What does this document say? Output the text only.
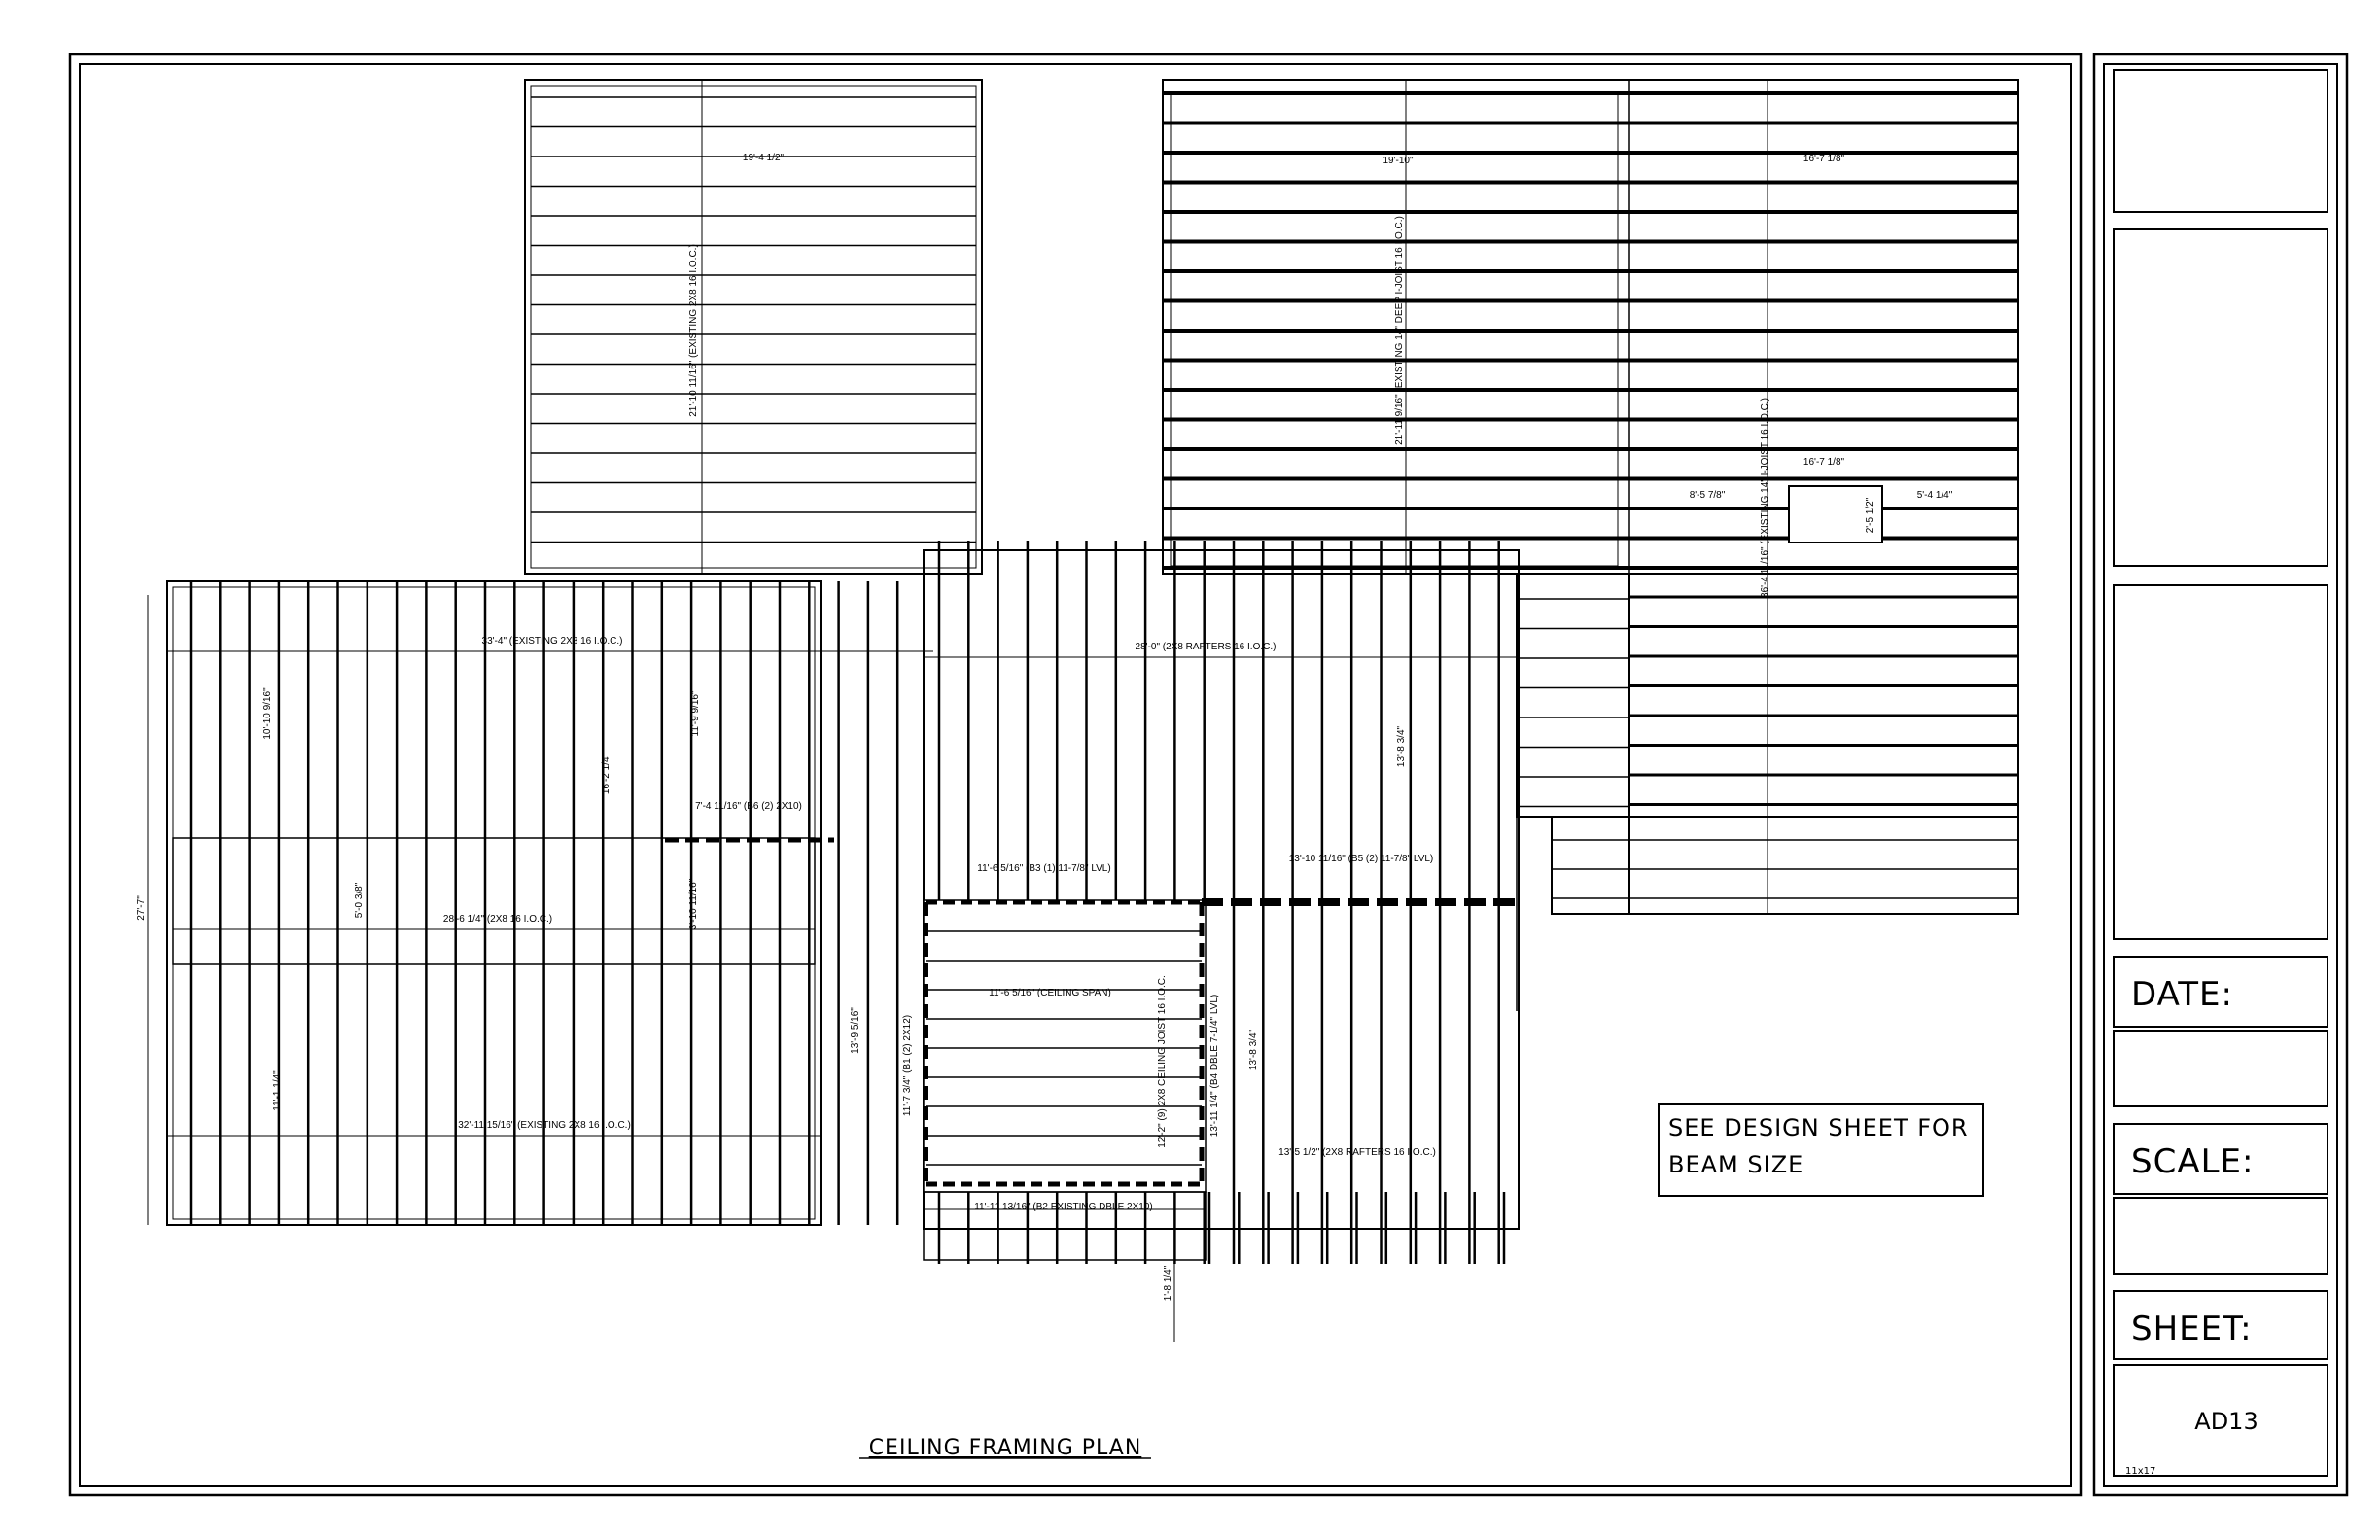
DATE:
SCALE:
SHEET:
AD13
11x17
19'-4 1/2"
21'-10 11/16" (EXISTING 2X8 16 I.O.C.)
19'-10"	16'-7 1/8"
21'-11 9/16" (EXISTING 14" DEEP I-JOIST 16 I.O.C.)
36'-4 11/16" (EXISTING 14" I-JOIST 16 I.O.C.)	16'-7 1/8"
8'-5 7/8"
2'-5 1/2"
5'-4 1/4"
33'-4" (EXISTING 2X8 16 I.O.C.)
28'-0" (2X8 RAFTERS 16 I.O.C.)
10'-10 9/16"	11'-9 9/16"
16'-2 1/4"
13'-8 3/4"
7'-4 11/16" (B6 (2) 2X10)
28'-6 1/4" (2X8 16 I.O.C.)
5'-0 3/8"	3'-10 11/16"
11'-6 5/16" (B3 (1) 11-7/8" LVL)
13'-10 11/16" (B5 (2) 11-7/8" LVL)
11'-6 5/16" (CEILING SPAN)
13'-9 5/16"	11'-7 3/4" (B1 (2) 2X12)	12'-2" (9) 2X8 CEILING JOIST 16 I.O.C.	13'-11 1/4" (B4 DBLE 7-1/4" LVL)	13'-8 3/4"
11'-1 1/4"
32'-11 15/16" (EXISTING 2X8 16 I.O.C.)
13'-5 1/2" (2X8 RAFTERS 16 I.O.C.)
11'-11 13/16" (B2 EXISTING DBLE 2X10)
27'-7"
1'-8 1/4"
SEE DESIGN SHEET FOR
BEAM SIZE
CEILING FRAMING PLAN
